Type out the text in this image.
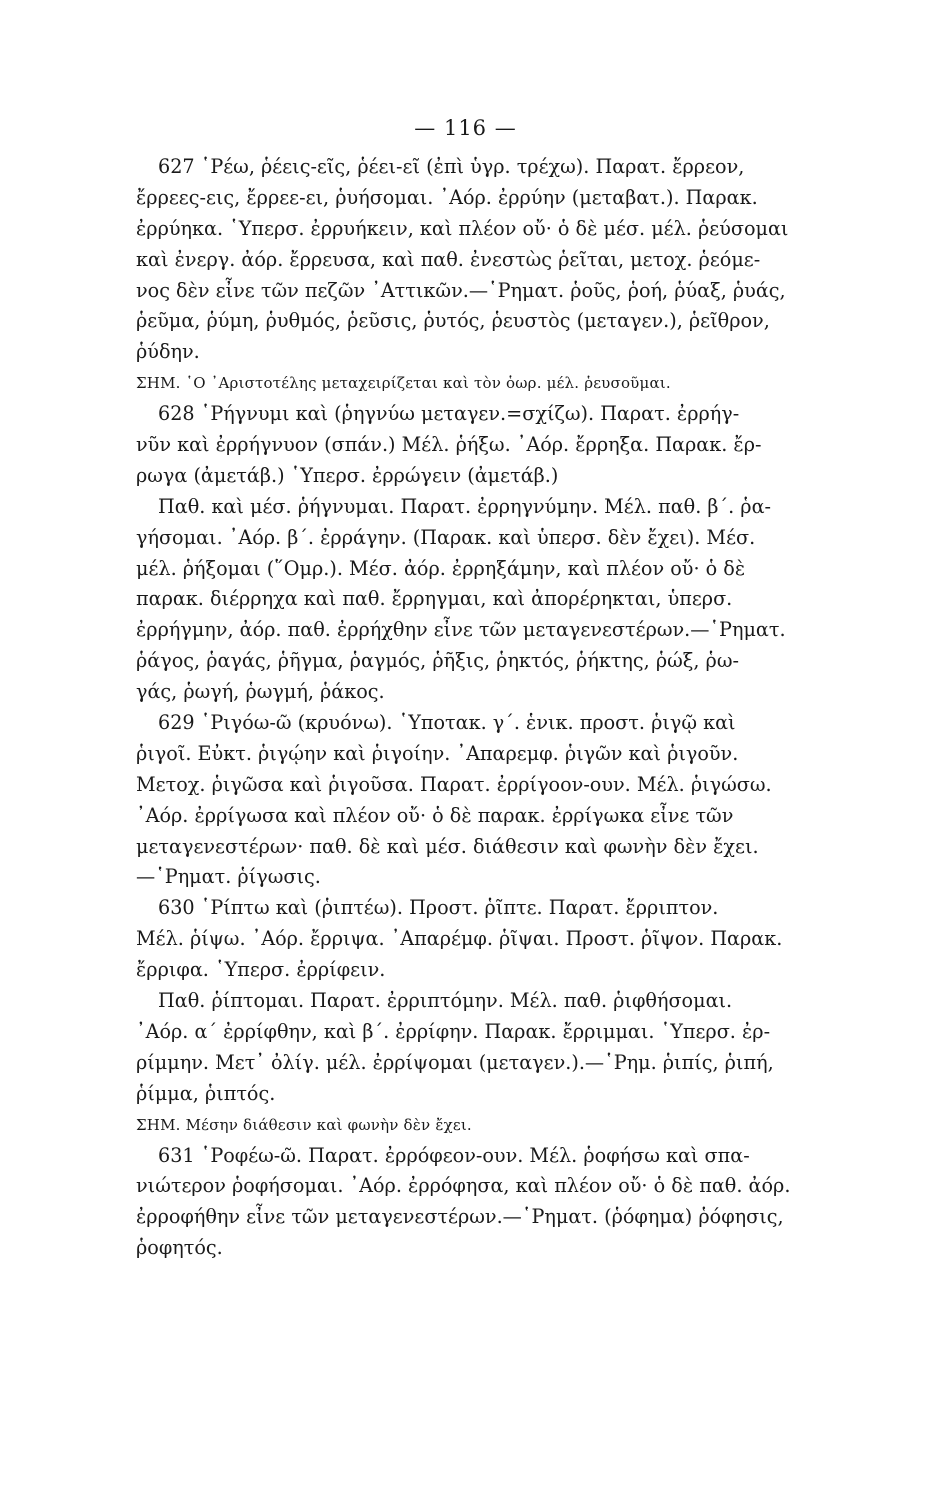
— 116 —
627 ῾Ρέω, ῥέεις-εῖς, ῥέει-εῖ (ἐπὶ ὑγρ. τρέχω). Παρατ. ἔρρεον,
ἔρρεες-εις, ἔρρεε-ει, ῥυήσομαι. ᾽Αόρ. ἐρρύην (μεταβατ.). Παρακ.
ἐρρύηκα. ῾Υπερσ. ἐρρυήκειν, καὶ πλέον οὔ· ὁ δὲ μέσ. μέλ. ῥεύσομαι
καὶ ἐνεργ. ἀόρ. ἔρρευσα, καὶ παθ. ἐνεστὼς ῥεῖται, μετοχ. ῥεόμε-
νος δὲν εἶνε τῶν πεζῶν ᾽Αττικῶν.—῾Ρηματ. ῥοῦς, ῥοή, ῥύαξ, ῥυάς,
ῥεῦμα, ῥύμη, ῥυθμός, ῥεῦσις, ῥυτός, ῥευστὸς (μεταγεν.), ῥεῖθρον,
ῥύδην.
ΣΗΜ. ῾Ο ᾽Αριστοτέλης μεταχειρίζεται καὶ τὸν ὁωρ. μέλ. ῥευσοῦμαι.
628 ῾Ρήγνυμι καὶ (ῥηγνύω μεταγεν.=σχίζω). Παρατ. ἐρρήγ-
νῦν καὶ ἐρρήγνυον (σπάν.) Μέλ. ῥήξω. ᾽Αόρ. ἔρρηξα. Παρακ. ἔρ-
ρωγα (ἀμετάβ.) ῾Υπερσ. ἐρρώγειν (ἀμετάβ.)
Παθ. καὶ μέσ. ῥήγνυμαι. Παρατ. ἐρρηγνύμην. Μέλ. παθ. β΄. ῥα-
γήσομαι. ᾽Αόρ. β΄. ἐρράγην. (Παρακ. καὶ ὑπερσ. δὲν ἔχει). Μέσ.
μέλ. ῥήξομαι (῞Ομρ.). Μέσ. ἀόρ. ἐρρηξάμην, καὶ πλέον οὔ· ὁ δὲ
παρακ. διέρρηχα καὶ παθ. ἔρρηγμαι, καὶ ἀπορέρηκται, ὑπερσ.
ἐρρήγμην, ἀόρ. παθ. ἐρρήχθην εἶνε τῶν μεταγενεστέρων.—῾Ρηματ.
ῥάγος, ῥαγάς, ῥῆγμα, ῥαγμός, ῥῆξις, ῥηκτός, ῥήκτης, ῥώξ, ῥω-
γάς, ῥωγή, ῥωγμή, ῥάκος.
629 ῾Ριγόω-ῶ (κρυόνω). ῾Υποτακ. γ΄. ἑνικ. προστ. ῥιγῷ καὶ
ῥιγοῖ. Εὐκτ. ῥιγῴην καὶ ῥιγοίην. ᾽Απαρεμφ. ῥιγῶν καὶ ῥιγοῦν.
Μετοχ. ῥιγῶσα καὶ ῥιγοῦσα. Παρατ. ἐρρίγοον-ουν. Μέλ. ῥιγώσω.
᾽Αόρ. ἐρρίγωσα καὶ πλέον οὔ· ὁ δὲ παρακ. ἐρρίγωκα εἶνε τῶν
μεταγενεστέρων· παθ. δὲ καὶ μέσ. διάθεσιν καὶ φωνὴν δὲν ἔχει.
—῾Ρηματ. ῥίγωσις.
630 ῾Ρίπτω καὶ (ῥιπτέω). Προστ. ῥῖπτε. Παρατ. ἔρριπτον.
Μέλ. ῥίψω. ᾽Αόρ. ἔρριψα. ᾽Απαρέμφ. ῥῖψαι. Προστ. ῥῖψον. Παρακ.
ἔρριφα. ῾Υπερσ. ἐρρίφειν.
Παθ. ῥίπτομαι. Παρατ. ἐρριπτόμην. Μέλ. παθ. ῥιφθήσομαι.
᾽Αόρ. α΄ ἐρρίφθην, καὶ β΄. ἐρρίφην. Παρακ. ἔρριμμαι. ῾Υπερσ. ἐρ-
ρίμμην. Μετ᾽ ὀλίγ. μέλ. ἐρρίψομαι (μεταγεν.).—῾Ρημ. ῥιπίς, ῥιπή,
ῥίμμα, ῥιπτός.
ΣΗΜ. Μέσην διάθεσιν καὶ φωνὴν δὲν ἔχει.
631 ῾Ροφέω-ῶ. Παρατ. ἐρρόφεον-ουν. Μέλ. ῥοφήσω καὶ σπα-
νιώτερον ῥοφήσομαι. ᾽Αόρ. ἐρρόφησα, καὶ πλέον οὔ· ὁ δὲ παθ. ἀόρ.
ἐρροφήθην εἶνε τῶν μεταγενεστέρων.—῾Ρηματ. (ῥόφημα) ῥόφησις,
ῥοφητός.
